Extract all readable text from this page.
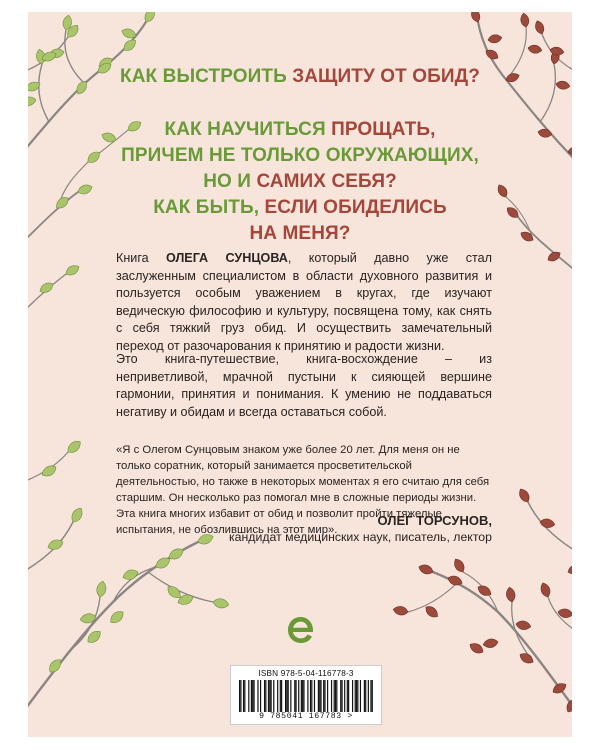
КАК ВЫСТРОИТЬ ЗАЩИТУ ОТ ОБИД?
КАК НАУЧИТЬСЯ ПРОЩАТЬ,
ПРИЧЕМ НЕ ТОЛЬКО ОКРУЖАЮЩИХ,
НО И САМИХ СЕБЯ?
КАК БЫТЬ, ЕСЛИ ОБИДЕЛИСЬ
НА МЕНЯ?
Книга ОЛЕГА СУНЦОВА, который давно уже стал заслуженным специалистом в области духовного развития и пользуется особым уважением в кругах, где изучают ведическую философию и культуру, посвящена тому, как снять с себя тяжкий груз обид. И осуществить замечательный переход от разочарования к принятию и радости жизни.
Это книга-путешествие, книга-восхождение – из неприветливой, мрачной пустыни к сияющей вершине гармонии, принятия и понимания. К умению не поддаваться негативу и обидам и всегда оставаться собой.
«Я с Олегом Сунцовым знаком уже более 20 лет. Для меня он не только соратник, который занимается просветительской деятельностью, но также в некоторых моментах я его считаю для себя старшим. Он несколько раз помогал мне в сложные периоды жизни. Эта книга многих избавит от обид и позволит пройти тяжелые испытания, не обозлившись на этот мир».
ОЛЕГ ТОРСУНОВ,
кандидат медицинских наук, писатель, лектор
ISBN 978-5-04-116778-3
9 785041 167783 >
